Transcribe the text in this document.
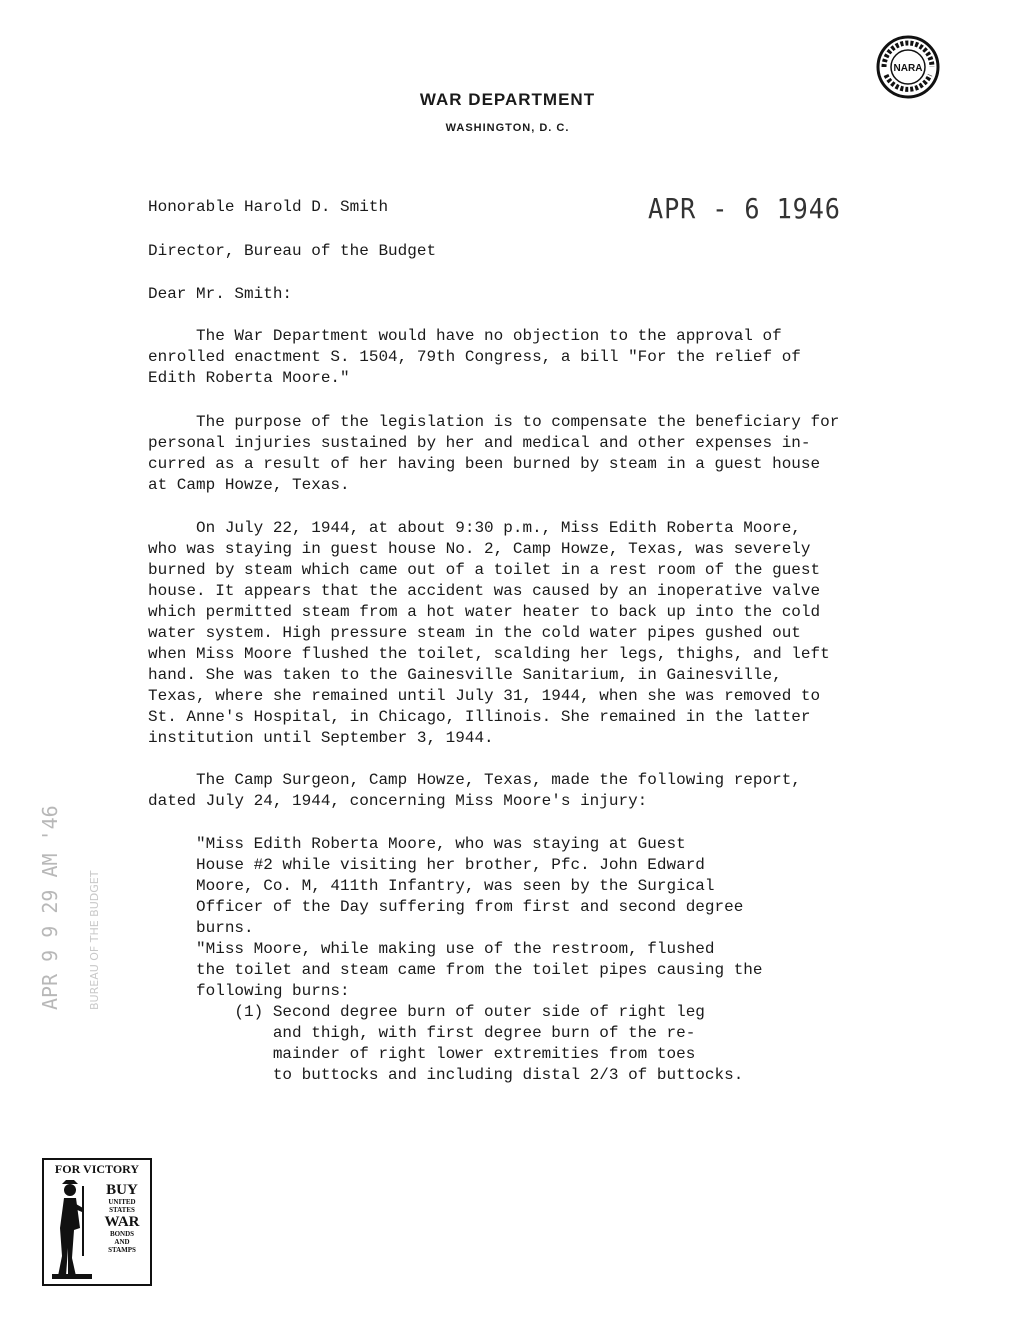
WAR DEPARTMENT
WASHINGTON, D. C.
NARA
APR - 6 1946
Honorable Harold D. Smith
Director, Bureau of the Budget
Dear Mr. Smith:
The War Department would have no objection to the approval of
enrolled enactment S. 1504, 79th Congress, a bill "For the relief of
Edith Roberta Moore."
The purpose of the legislation is to compensate the beneficiary for
personal injuries sustained by her and medical and other expenses in-
curred as a result of her having been burned by steam in a guest house
at Camp Howze, Texas.
On July 22, 1944, at about 9:30 p.m., Miss Edith Roberta Moore,
who was staying in guest house No. 2, Camp Howze, Texas, was severely
burned by steam which came out of a toilet in a rest room of the guest
house. It appears that the accident was caused by an inoperative valve
which permitted steam from a hot water heater to back up into the cold
water system. High pressure steam in the cold water pipes gushed out
when Miss Moore flushed the toilet, scalding her legs, thighs, and left
hand. She was taken to the Gainesville Sanitarium, in Gainesville,
Texas, where she remained until July 31, 1944, when she was removed to
St. Anne's Hospital, in Chicago, Illinois. She remained in the latter
institution until September 3, 1944.
The Camp Surgeon, Camp Howze, Texas, made the following report,
dated July 24, 1944, concerning Miss Moore's injury:
"Miss Edith Roberta Moore, who was staying at Guest
House #2 while visiting her brother, Pfc. John Edward
Moore, Co. M, 411th Infantry, was seen by the Surgical
Officer of the Day suffering from first and second degree
burns.
"Miss Moore, while making use of the restroom, flushed
the toilet and steam came from the toilet pipes causing the
following burns:
(1) Second degree burn of outer side of right leg
and thigh, with first degree burn of the re-
mainder of right lower extremities from toes
to buttocks and including distal 2/3 of buttocks.
APR 9 9 29 AM '46 BUREAU OF THE BUDGET
FOR VICTORY
BUY
UNITED
STATES
WAR
BONDS
AND
STAMPS
